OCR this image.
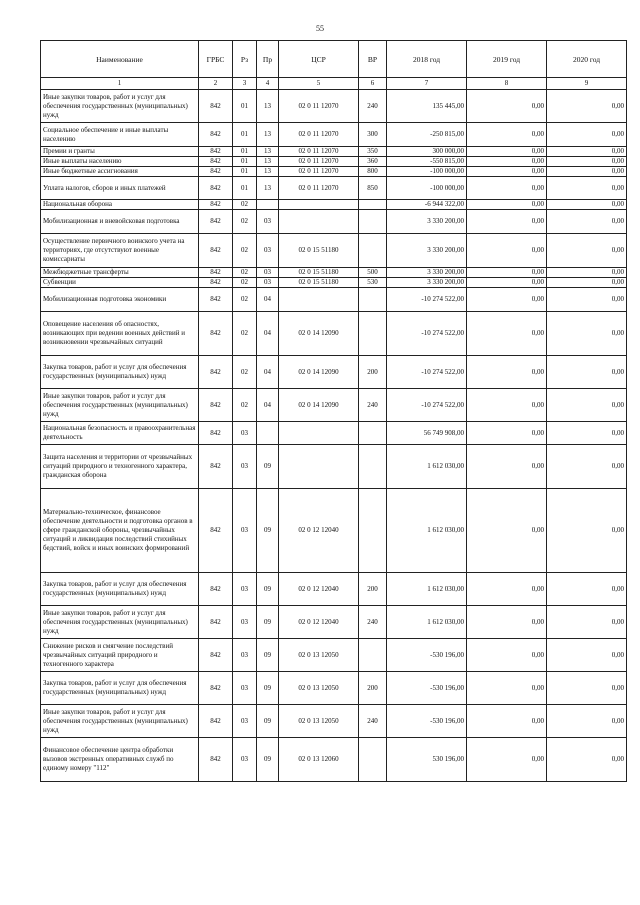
55
Наименование	ГРБС	Рз	Пр	ЦСР	ВР	2018 год	2019 год	2020 год
1	2	3	4	5	6	7	8	9
Иные закупки товаров, работ и услуг для обеспечения государственных (муниципальных) нужд	842	01	13	02 0 11 12070	240	135 445,00	0,00	0,00
Социальное обеспечение и иные выплаты населению	842	01	13	02 0 11 12070	300	-250 815,00	0,00	0,00
Премии и гранты	842	01	13	02 0 11 12070	350	300 000,00	0,00	0,00
Иные выплаты населению	842	01	13	02 0 11 12070	360	-550 815,00	0,00	0,00
Иные бюджетные ассигнования	842	01	13	02 0 11 12070	800	-100 000,00	0,00	0,00
Уплата налогов, сборов и иных платежей	842	01	13	02 0 11 12070	850	-100 000,00	0,00	0,00
Национальная оборона	842	02				-6 944 322,00	0,00	0,00
Мобилизационная и вневойсковая подготовка	842	02	03			3 330 200,00	0,00	0,00
Осуществление первичного воинского учета на территориях, где отсутствуют военные комиссариаты	842	02	03	02 0 15 51180		3 330 200,00	0,00	0,00
Межбюджетные трансферты	842	02	03	02 0 15 51180	500	3 330 200,00	0,00	0,00
Субвенции	842	02	03	02 0 15 51180	530	3 330 200,00	0,00	0,00
Мобилизационная подготовка экономики	842	02	04			-10 274 522,00	0,00	0,00
Оповещение населения об опасностях, возникающих при ведении военных действий и возникновении чрезвычайных ситуаций	842	02	04	02 0 14 12090		-10 274 522,00	0,00	0,00
Закупка товаров, работ и услуг для обеспечения государственных (муниципальных) нужд	842	02	04	02 0 14 12090	200	-10 274 522,00	0,00	0,00
Иные закупки товаров, работ и услуг для обеспечения государственных (муниципальных) нужд	842	02	04	02 0 14 12090	240	-10 274 522,00	0,00	0,00
Национальная безопасность и правоохранительная деятельность	842	03				56 749 908,00	0,00	0,00
Защита населения и территории от чрезвычайных ситуаций природного и техногенного характера, гражданская оборона	842	03	09			1 612 030,00	0,00	0,00
Материально-техническое, финансовое обеспечение деятельности и подготовка органов в сфере гражданской обороны, чрезвычайных ситуаций и ликвидация последствий стихийных бедствий, войск и иных воинских формирований	842	03	09	02 0 12 12040		1 612 030,00	0,00	0,00
Закупка товаров, работ и услуг для обеспечения государственных (муниципальных) нужд	842	03	09	02 0 12 12040	200	1 612 030,00	0,00	0,00
Иные закупки товаров, работ и услуг для обеспечения государственных (муниципальных) нужд	842	03	09	02 0 12 12040	240	1 612 030,00	0,00	0,00
Снижение рисков и смягчение последствий чрезвычайных ситуаций природного и техногенного характера	842	03	09	02 0 13 12050		-530 196,00	0,00	0,00
Закупка товаров, работ и услуг для обеспечения государственных (муниципальных) нужд	842	03	09	02 0 13 12050	200	-530 196,00	0,00	0,00
Иные закупки товаров, работ и услуг для обеспечения государственных (муниципальных) нужд	842	03	09	02 0 13 12050	240	-530 196,00	0,00	0,00
Финансовое обеспечение центра обработки вызовов экстренных оперативных служб по единому номеру "112"	842	03	09	02 0 13 12060		530 196,00	0,00	0,00
